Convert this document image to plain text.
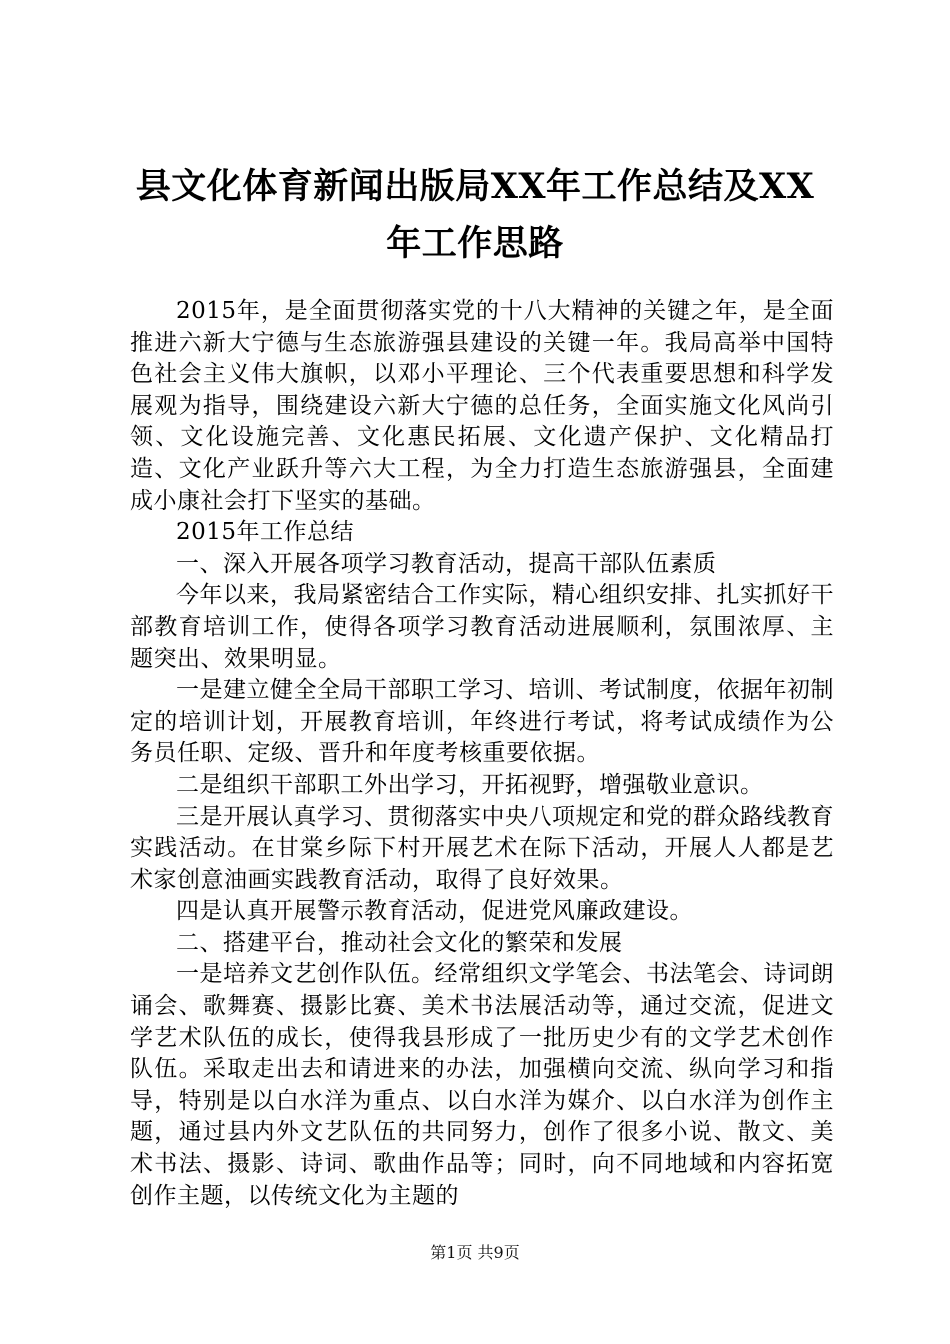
县文化体育新闻出版局XX年工作总结及XX年工作思路

2015年，是全面贯彻落实党的十八大精神的关键之年，是全面推进六新大宁德与生态旅游强县建设的关键一年。我局高举中国特色社会主义伟大旗帜，以邓小平理论、三个代表重要思想和科学发展观为指导，围绕建设六新大宁德的总任务，全面实施文化风尚引领、文化设施完善、文化惠民拓展、文化遗产保护、文化精品打造、文化产业跃升等六大工程，为全力打造生态旅游强县，全面建成小康社会打下坚实的基础。

2015年工作总结

一、深入开展各项学习教育活动，提高干部队伍素质

今年以来，我局紧密结合工作实际，精心组织安排、扎实抓好干部教育培训工作，使得各项学习教育活动进展顺利，氛围浓厚、主题突出、效果明显。

一是建立健全全局干部职工学习、培训、考试制度，依据年初制定的培训计划，开展教育培训，年终进行考试，将考试成绩作为公务员任职、定级、晋升和年度考核重要依据。

二是组织干部职工外出学习，开拓视野，增强敬业意识。

三是开展认真学习、贯彻落实中央八项规定和党的群众路线教育实践活动。在甘棠乡际下村开展艺术在际下活动，开展人人都是艺术家创意油画实践教育活动，取得了良好效果。

四是认真开展警示教育活动，促进党风廉政建设。

二、搭建平台，推动社会文化的繁荣和发展

一是培养文艺创作队伍。经常组织文学笔会、书法笔会、诗词朗诵会、歌舞赛、摄影比赛、美术书法展活动等，通过交流，促进文学艺术队伍的成长，使得我县形成了一批历史少有的文学艺术创作队伍。采取走出去和请进来的办法，加强横向交流、纵向学习和指导，特别是以白水洋为重点、以白水洋为媒介、以白水洋为创作主题，通过县内外文艺队伍的共同努力，创作了很多小说、散文、美术书法、摄影、诗词、歌曲作品等；同时，向不同地域和内容拓宽创作主题，以传统文化为主题的

第1页 共9页
